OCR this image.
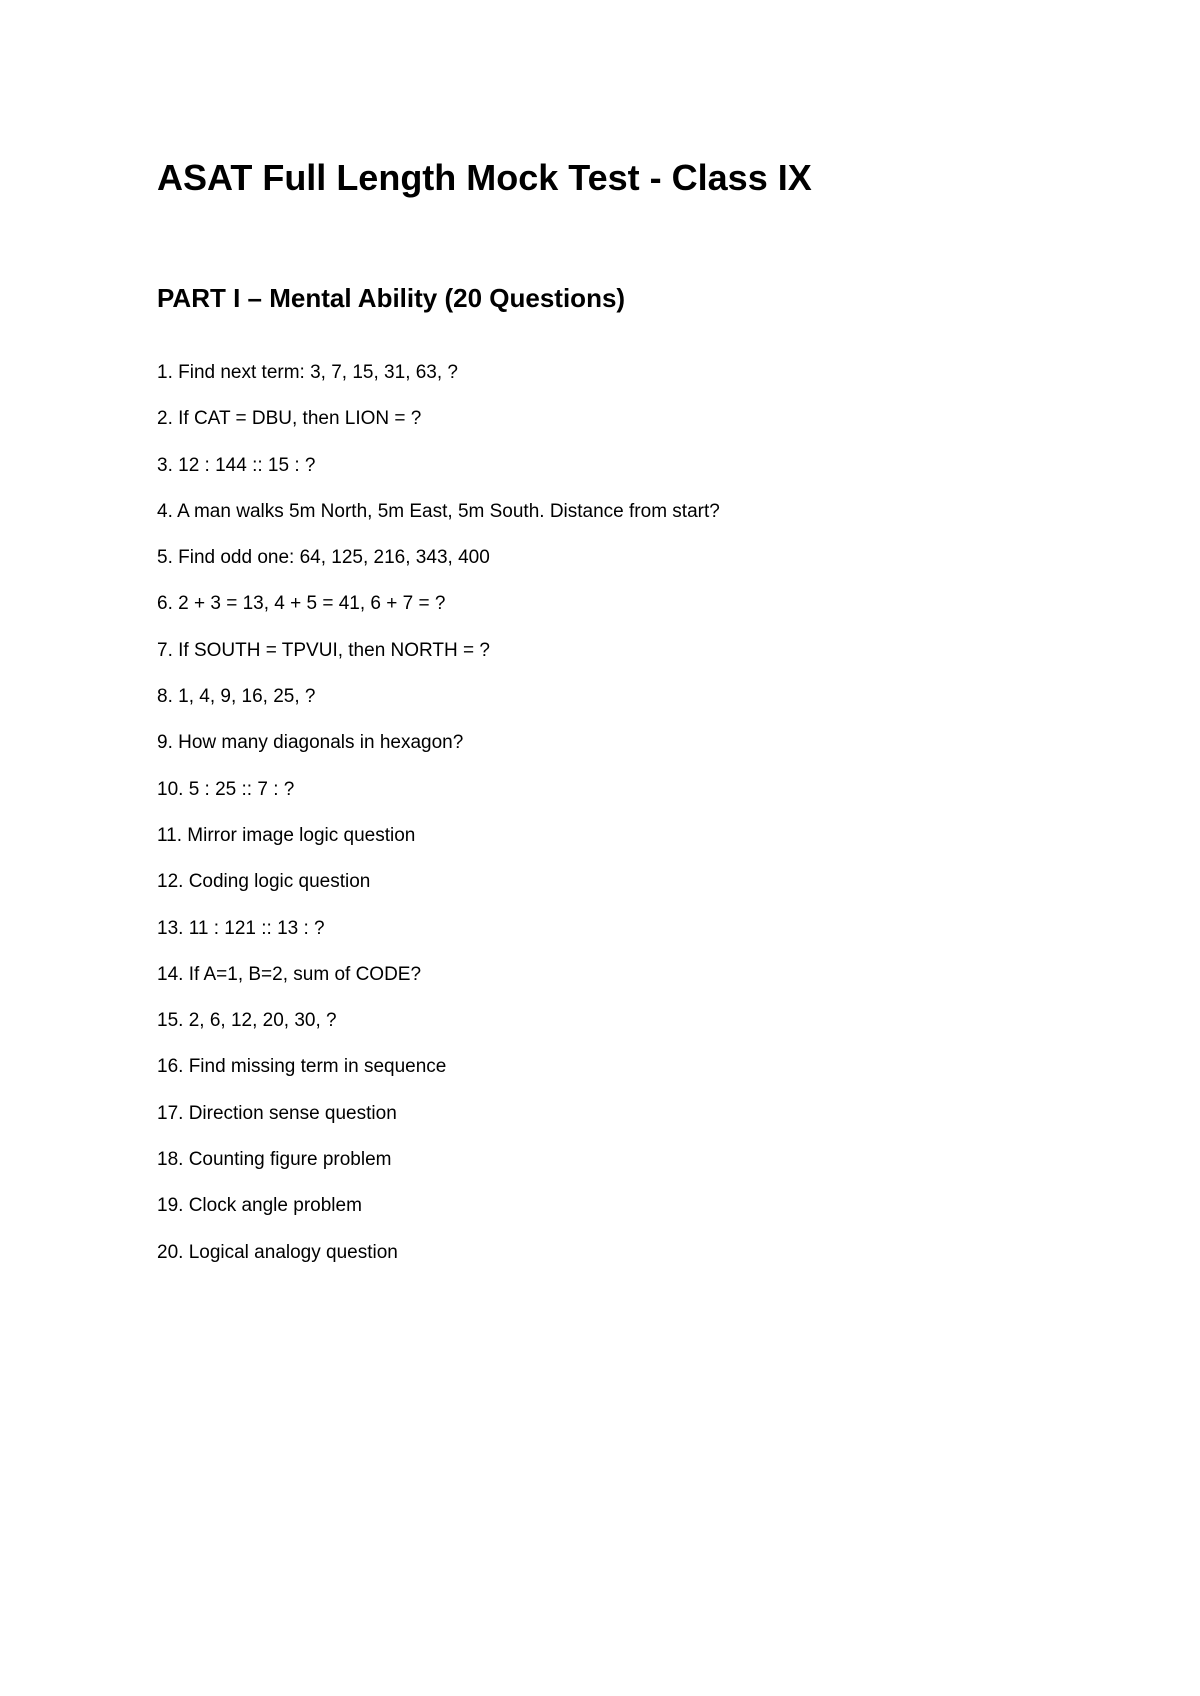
ASAT Full Length Mock Test - Class IX
PART I – Mental Ability (20 Questions)
1. Find next term: 3, 7, 15, 31, 63, ?
2. If CAT = DBU, then LION = ?
3. 12 : 144 :: 15 : ?
4. A man walks 5m North, 5m East, 5m South. Distance from start?
5. Find odd one: 64, 125, 216, 343, 400
6. 2 + 3 = 13, 4 + 5 = 41, 6 + 7 = ?
7. If SOUTH = TPVUI, then NORTH = ?
8. 1, 4, 9, 16, 25, ?
9. How many diagonals in hexagon?
10. 5 : 25 :: 7 : ?
11. Mirror image logic question
12. Coding logic question
13. 11 : 121 :: 13 : ?
14. If A=1, B=2, sum of CODE?
15. 2, 6, 12, 20, 30, ?
16. Find missing term in sequence
17. Direction sense question
18. Counting figure problem
19. Clock angle problem
20. Logical analogy question
